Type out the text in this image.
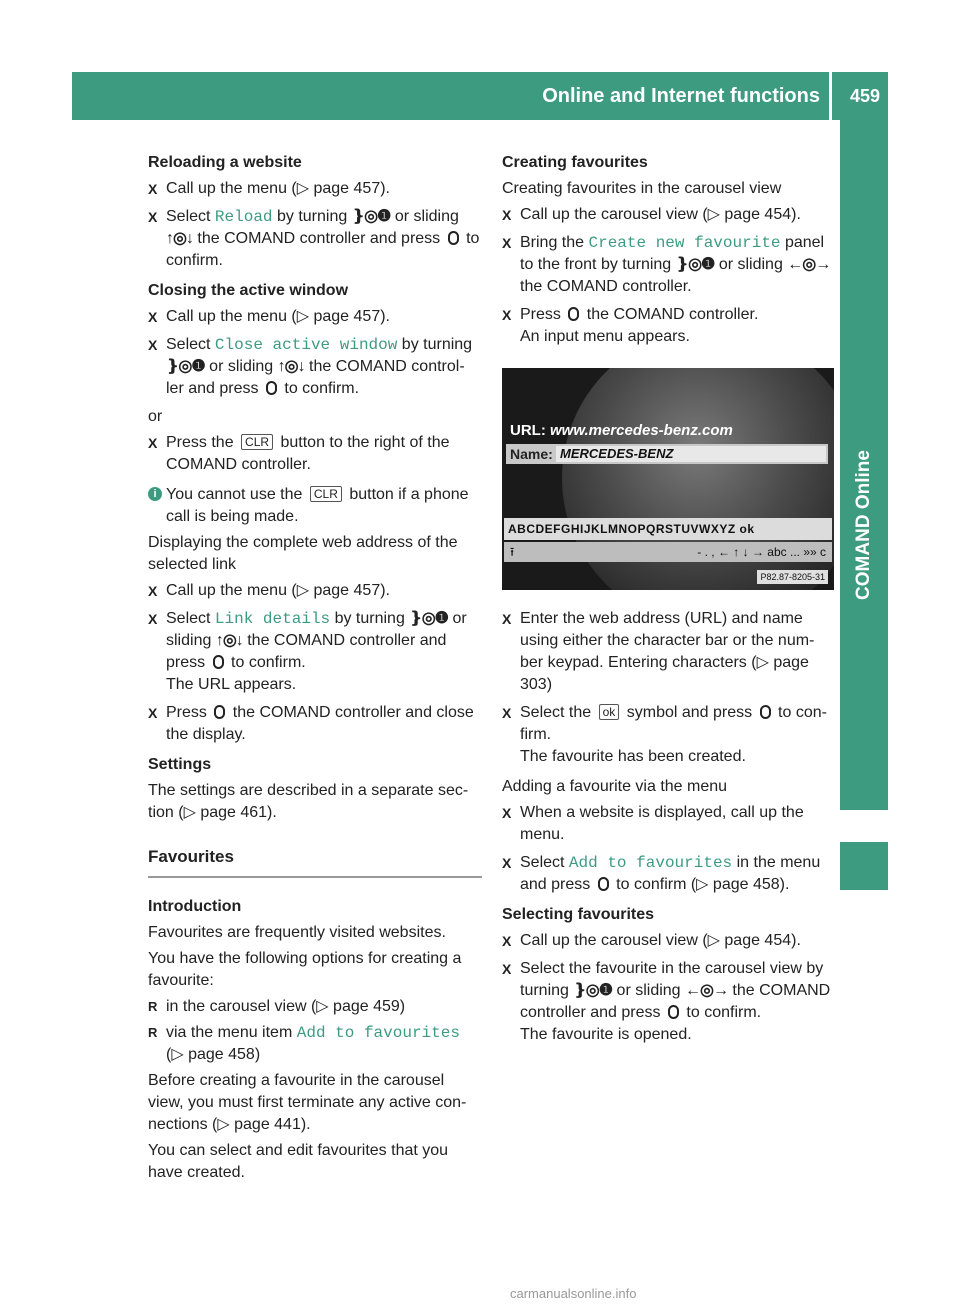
Online and Internet functions 459
COMAND Online
Reloading a website
X Call up the menu (▷ page 457).
X Select Reload by turning ❵◎❶ or sliding ↑◎↓ the COMAND controller and press  to confirm.
Closing the active window
X Call up the menu (▷ page 457).
X Select Close active window by turning ❵◎❶ or sliding ↑◎↓ the COMAND control-ler and press  to confirm.

or

X Press the CLR button to the right of the COMAND controller.
i You cannot use the CLR button if a phone call is being made.

Displaying the complete web address of the selected link

X Call up the menu (▷ page 457).
X Select Link details by turning ❵◎❶ or sliding ↑◎↓ the COMAND controller and press  to confirm.
The URL appears.
X Press  the COMAND controller and close the display.
Settings

The settings are described in a separate sec-tion (▷ page 461).

Favourites
Introduction

Favourites are frequently visited websites.

You have the following options for creating a favourite:

R in the carousel view (▷ page 459)
R via the menu item Add to favourites (▷ page 458)

Before creating a favourite in the carousel view, you must first terminate any active con-nections (▷ page 441).

You can select and edit favourites that you have created.

Creating favourites

Creating favourites in the carousel view

X Call up the carousel view (▷ page 454).
X Bring the Create new favourite panel to the front by turning ❵◎❶ or sliding ←◎→ the COMAND controller.
X Press  the COMAND controller.
An input menu appears.
URL: www.mercedes-benz.com
Name: MERCEDES-BENZ
ABCDEFGHIJKLMNOPQRSTUVWXYZ ok
⭱	- . , ← ↑ ↓ → abc ... »» c
P82.87-8205-31
X Enter the web address (URL) and name using either the character bar or the num-ber keypad. Entering characters (▷ page 303)
X Select the ok symbol and press  to con-firm.
The favourite has been created.

Adding a favourite via the menu

X When a website is displayed, call up the menu.
X Select Add to favourites in the menu and press  to confirm (▷ page 458).
Selecting favourites
X Call up the carousel view (▷ page 454).
X Select the favourite in the carousel view by turning ❵◎❶ or sliding ←◎→ the COMAND controller and press  to confirm.
The favourite is opened.
carmanualsonline.info
